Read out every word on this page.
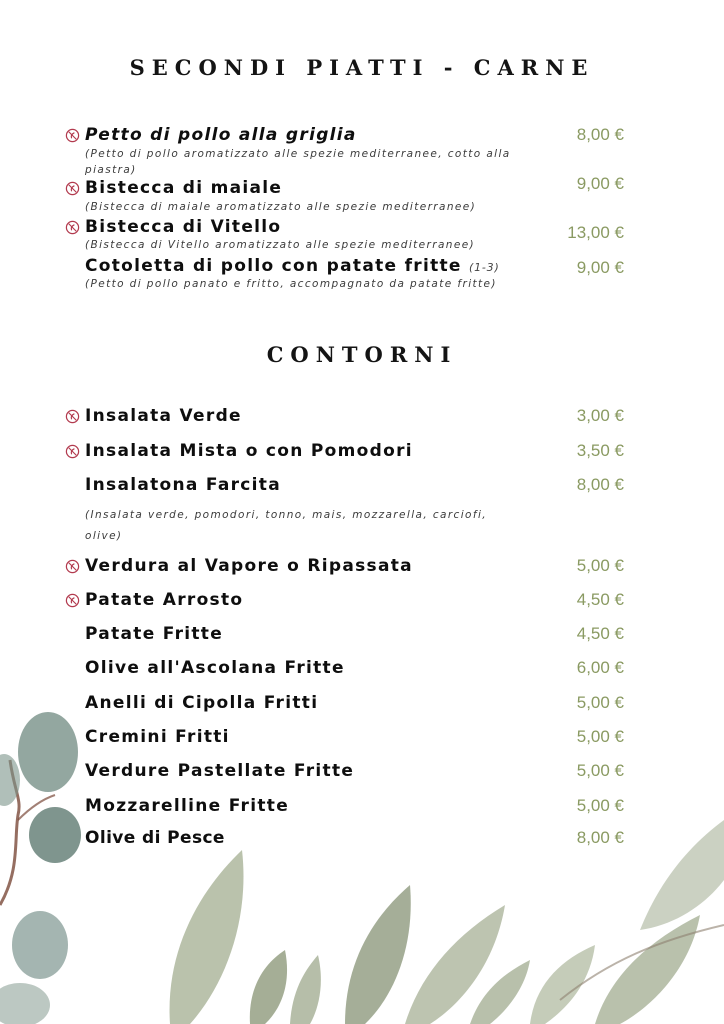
SECONDI PIATTI - CARNE
Petto di pollo alla griglia
(Petto di pollo aromatizzato alle spezie mediterranee, cotto alla piastra)
8,00 €
Bistecca di maiale
(Bistecca di maiale aromatizzato alle spezie mediterranee)
9,00 €
Bistecca di Vitello
(Bistecca di Vitello aromatizzato alle spezie mediterranee)
13,00 €
Cotoletta di pollo con patate fritte (1-3)
(Petto di pollo panato e fritto, accompagnato da patate fritte)
9,00 €
CONTORNI
Insalata Verde	3,00 €
Insalata Mista o con Pomodori	3,50 €
Insalatona Farcita
(Insalata verde, pomodori, tonno, mais, mozzarella, carciofi, olive)
8,00 €
Verdura al Vapore o Ripassata	5,00 €
Patate Arrosto	4,50 €
Patate Fritte	4,50 €
Olive all'Ascolana Fritte	6,00 €
Anelli di Cipolla Fritti	5,00 €
Cremini Fritti	5,00 €
Verdure Pastellate Fritte	5,00 €
Mozzarelline Fritte	5,00 €
Olive di Pesce	8,00 €
